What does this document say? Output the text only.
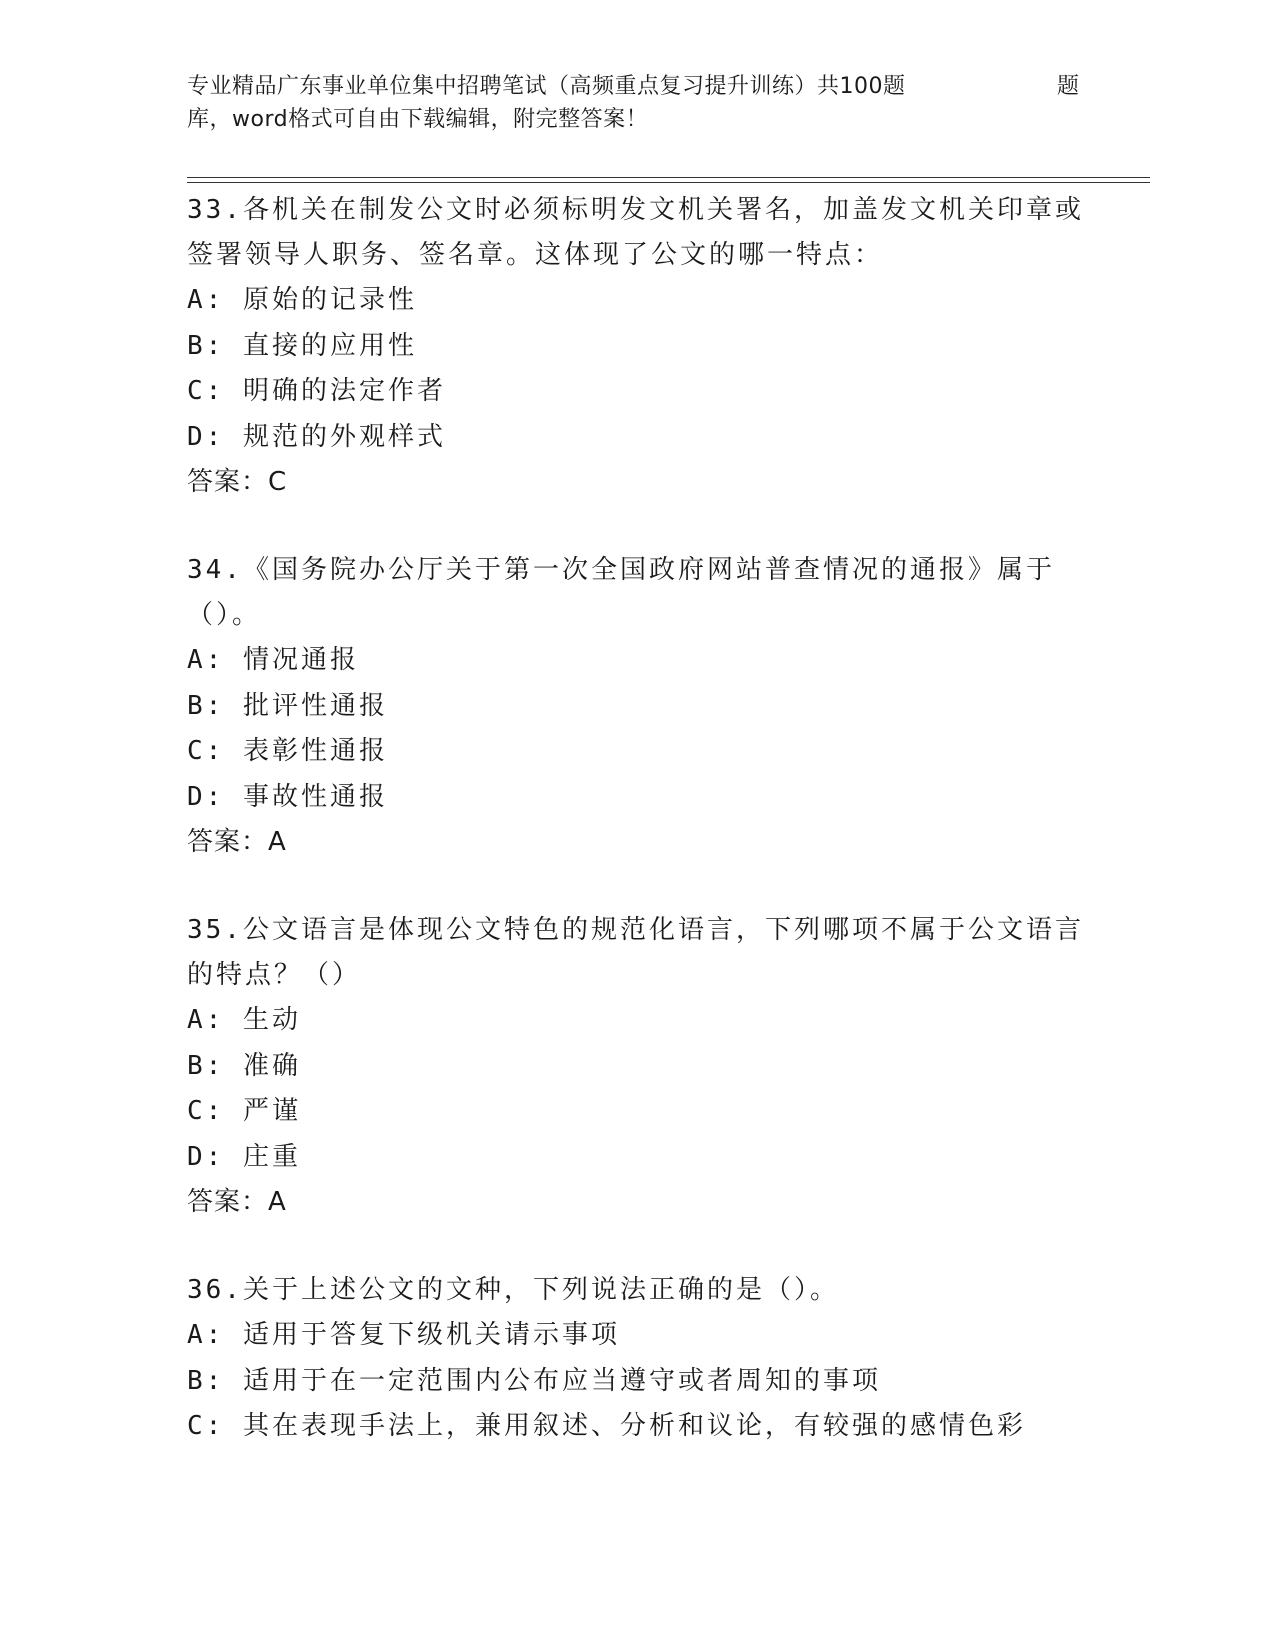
专业精品广东事业单位集中招聘笔试（高频重点复习提升训练）共100题	题
库，word格式可自由下载编辑，附完整答案！

33.各机关在制发公文时必须标明发文机关署名，加盖发文机关印章或签署领导人职务、签名章。这体现了公文的哪一特点：

A: 原始的记录性

B: 直接的应用性

C: 明确的法定作者

D: 规范的外观样式

答案：C

34.《国务院办公厅关于第一次全国政府网站普查情况的通报》属于（）。

A: 情况通报

B: 批评性通报

C: 表彰性通报

D: 事故性通报

答案：A

35.公文语言是体现公文特色的规范化语言，下列哪项不属于公文语言的特点？（）

A: 生动

B: 准确

C: 严谨

D: 庄重

答案：A

36.关于上述公文的文种，下列说法正确的是（）。

A: 适用于答复下级机关请示事项

B: 适用于在一定范围内公布应当遵守或者周知的事项

C: 其在表现手法上，兼用叙述、分析和议论，有较强的感情色彩
